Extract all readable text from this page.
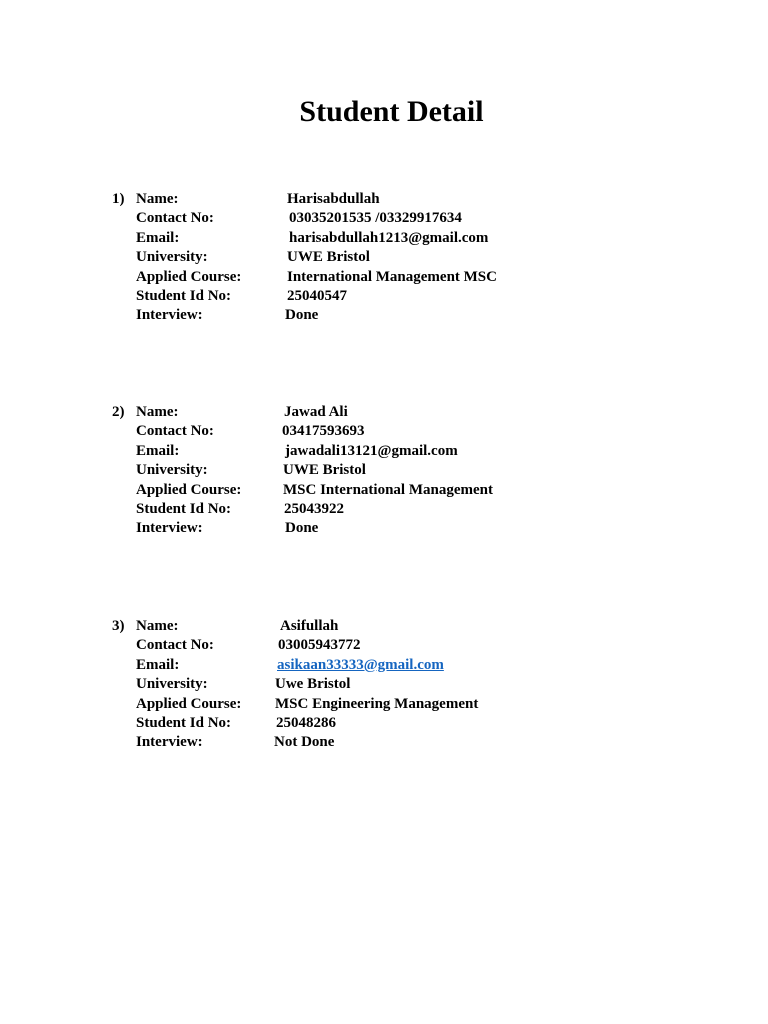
Student Detail
1) Name:	Harisabdullah
Contact No:	03035201535 /03329917634
Email:	harisabdullah1213@gmail.com
University:	UWE Bristol
Applied Course:	International Management MSC
Student Id No:	25040547
Interview:	Done
2) Name:	Jawad Ali
Contact No:	03417593693
Email:	jawadali13121@gmail.com
University:	UWE Bristol
Applied Course:	MSC International Management
Student Id No:	25043922
Interview:	Done
3) Name:	Asifullah
Contact No:	03005943772
Email:	asikaan33333@gmail.com
University:	Uwe Bristol
Applied Course: MSC Engineering Management
Student Id No:	25048286
Interview:	Not Done
